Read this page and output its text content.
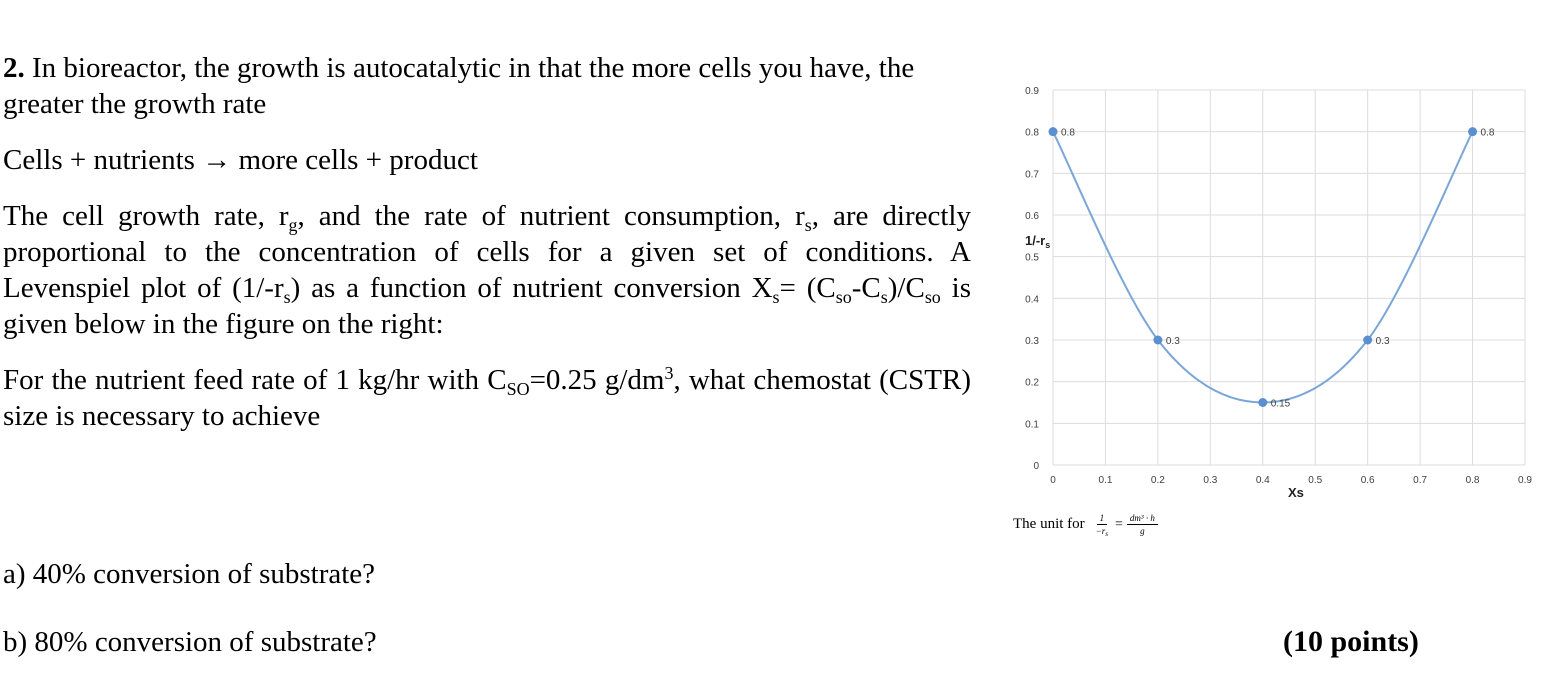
2. In bioreactor, the growth is autocatalytic in that the more cells you have, the greater the growth rate

Cells + nutrients → more cells + product

The cell growth rate, $r_g$, and the rate of nutrient consumption, $r_s$, are directly proportional to the concentration of cells for a given set of conditions. A Levenspiel plot of $(1/-r_s)$ as a function of nutrient conversion $X_s= (C_{so}-C_s)/C_{so}$ is given below in the figure on the right:

For the nutrient feed rate of 1 kg/hr with $C_{SO}=0.25$ $g/dm^3$, what chemostat (CSTR) size is necessary to achieve

a) 40% conversion of substrate?
b) 80% conversion of substrate?	(10 points)
0	0.1	0.2	0.3	0.4	0.5	0.6	0.7	0.8	0.9
0
0.1
0.2
0.3
0.4
0.5
0.6
0.7
0.8
0.9
0.8
0.3
0.15
0.3
0.8
$1/-r_s$
Xs
The unit for $\frac{1}{-r_s} = \frac{\text{dm³ · h}}{g}$
